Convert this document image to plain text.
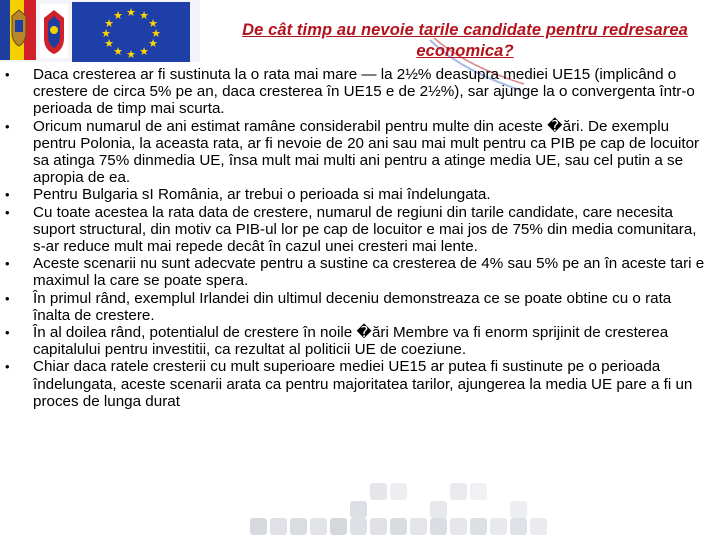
★ ★
★
★
★
★
★
★
★
★
★
★
De cât timp au nevoie tarile candidate pentru redresarea economica?
• Daca cresterea ar fi sustinuta la o rata mai mare — la 2½% deasupra mediei UE15 (implicând o crestere de circa 5% pe an, daca cresterea în UE15 e de 2½%), sar ajunge la o convergenta într-o perioada de timp mai scurta.
• Oricum numarul de ani estimat ramâne considerabil pentru multe din aceste �ări. De exemplu pentru Polonia, la aceasta rata, ar fi nevoie de 20 ani sau mai mult pentru ca PIB pe cap de locuitor sa atinga 75% dinmedia UE, însa mult mai multi ani pentru a atinge media UE, sau cel putin a se apropia de ea.
• Pentru Bulgaria sI România, ar trebui o perioada si mai îndelungata.
• Cu toate acestea la rata data de crestere, numarul de regiuni din tarile candidate, care necesita suport structural, din motiv ca PIB-ul lor pe cap de locuitor e mai jos de 75% din media comunitara, s-ar reduce mult mai repede decât în cazul unei cresteri mai lente.
• Aceste scenarii nu sunt adecvate pentru a sustine ca cresterea de 4% sau 5% pe an în aceste tari e maximul la care se poate spera.
• În primul rând, exemplul Irlandei din ultimul deceniu demonstreaza ce se poate obtine cu o rata înalta de crestere.
• În al doilea rând, potentialul de crestere în noile �ări Membre va fi enorm sprijinit de cresterea capitalului pentru investitii, ca rezultat al politicii UE de coeziune.
• Chiar daca ratele cresterii cu mult superioare mediei UE15 ar putea fi sustinute pe o perioada îndelungata, aceste scenarii arata ca pentru majoritatea tarilor, ajungerea la media UE pare a fi un proces de lunga durat
